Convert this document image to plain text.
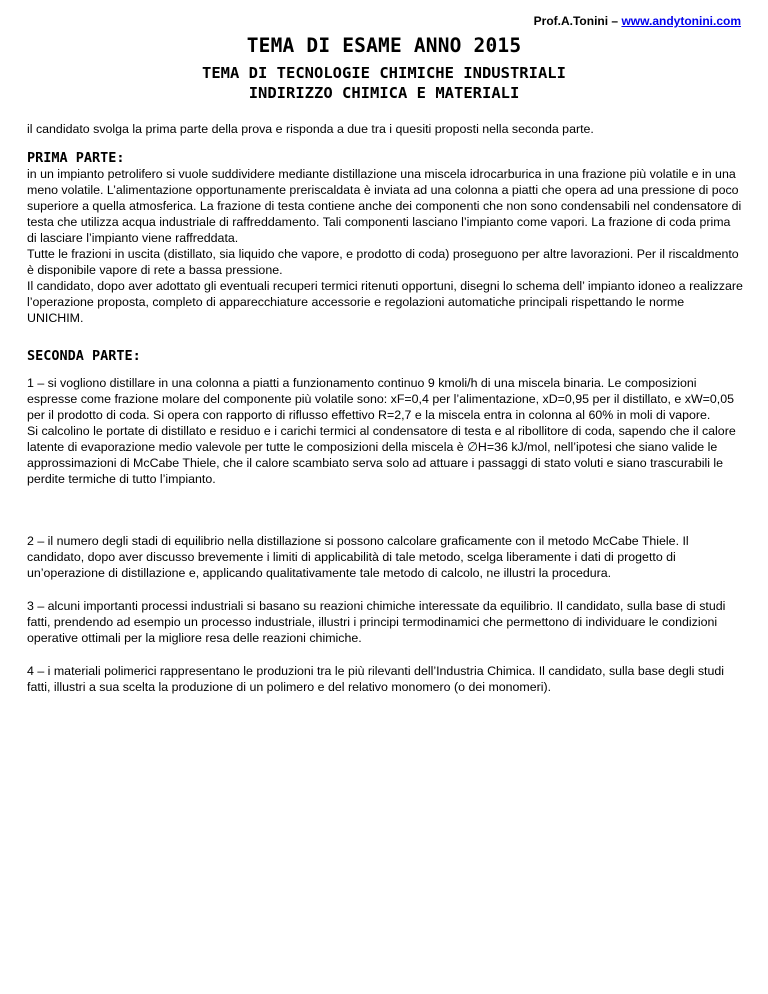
Prof.A.Tonini – www.andytonini.com
TEMA DI ESAME ANNO 2015
TEMA DI TECNOLOGIE CHIMICHE INDUSTRIALI
INDIRIZZO CHIMICA E MATERIALI
il candidato svolga la prima parte della prova e risponda a due tra i quesiti proposti nella seconda parte.
PRIMA PARTE:

in un impianto petrolifero si vuole suddividere mediante distillazione una miscela idrocarburica in una frazione più volatile e in una meno volatile. L’alimentazione opportunamente preriscaldata è inviata ad una colonna a piatti che opera ad una pressione di poco superiore a quella atmosferica. La frazione di testa contiene anche dei componenti che non sono condensabili nel condensatore di testa che utilizza acqua industriale di raffreddamento. Tali componenti lasciano l’impianto come vapori. La frazione di coda prima di lasciare l’impianto viene raffreddata.

Tutte le frazioni in uscita (distillato, sia liquido che vapore, e prodotto di coda) proseguono per altre lavorazioni. Per il riscaldmento è disponibile vapore di rete a bassa pressione.

Il candidato, dopo aver adottato gli eventuali recuperi termici ritenuti opportuni, disegni lo schema dell’ impianto idoneo a realizzare l’operazione proposta, completo di apparecchiature accessorie e regolazioni automatiche principali rispettando le norme UNICHIM.

SECONDA PARTE:

1 – si vogliono distillare in una colonna a piatti a funzionamento continuo 9 kmoli/h di una miscela binaria. Le composizioni espresse come frazione molare del componente più volatile sono: xF=0,4 per l’alimentazione, xD=0,95 per il distillato, e xW=0,05 per il prodotto di coda. Si opera con rapporto di riflusso effettivo R=2,7 e la miscela entra in colonna al 60% in moli di vapore.

Si calcolino le portate di distillato e residuo e i carichi termici al condensatore di testa e al ribollitore di coda, sapendo che il calore latente di evaporazione medio valevole per tutte le composizioni della miscela è ∅H=36 kJ/mol, nell’ipotesi che siano valide le approssimazioni di McCabe Thiele, che il calore scambiato serva solo ad attuare i passaggi di stato voluti e siano trascurabili le perdite termiche di tutto l’impianto.

2 – il numero degli stadi di equilibrio nella distillazione si possono calcolare graficamente con il metodo McCabe Thiele. Il candidato, dopo aver discusso brevemente i limiti di applicabilità di tale metodo, scelga liberamente i dati di progetto di un’operazione di distillazione e, applicando qualitativamente tale metodo di calcolo, ne illustri la procedura.

3 – alcuni importanti processi industriali si basano su reazioni chimiche interessate da equilibrio. Il candidato, sulla base di studi fatti, prendendo ad esempio un processo industriale, illustri i principi termodinamici che permettono di individuare le condizioni operative ottimali per la migliore resa delle reazioni chimiche.

4 – i materiali polimerici rappresentano le produzioni tra le più rilevanti dell’Industria Chimica. Il candidato, sulla base degli studi fatti, illustri a sua scelta la produzione di un polimero e del relativo monomero (o dei monomeri).
